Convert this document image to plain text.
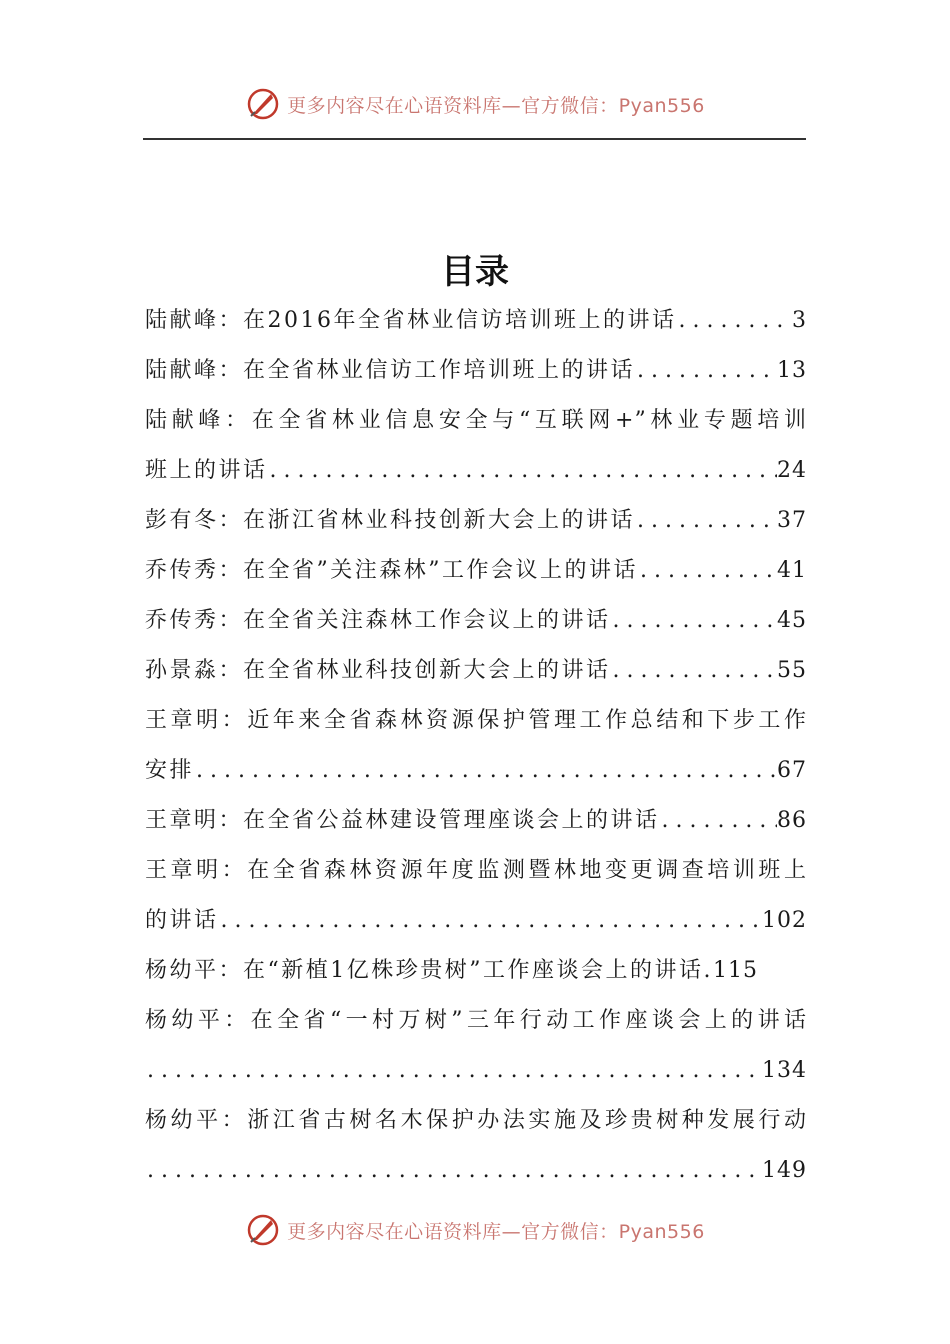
更多内容尽在心语资料库—官方微信：Pyan556
目录
陆献峰：在2016年全省林业信访培训班上的讲话 . . .	3
陆献峰：在全省林业信访工作培训班上的讲话 . . .	13
陆献峰：在全省林业信息安全与“互联网+”林业专题培训
班上的讲话 . . .	24
彭有冬：在浙江省林业科技创新大会上的讲话 . . .	37
乔传秀：在全省”关注森林”工作会议上的讲话 . . .	41
乔传秀：在全省关注森林工作会议上的讲话 . . .	45
孙景淼：在全省林业科技创新大会上的讲话 . . .	55
王章明：近年来全省森林资源保护管理工作总结和下步工作
安排 . . .	67
王章明：在全省公益林建设管理座谈会上的讲话 . . .	86
王章明：在全省森林资源年度监测暨林地变更调查培训班上
的讲话 . . .	102
杨幼平：在“新植1亿株珍贵树”工作座谈会上的讲话. 115
杨幼平：在全省“一村万树”三年行动工作座谈会上的讲话
. . .
134
杨幼平：浙江省古树名木保护办法实施及珍贵树种发展行动
. . .
149
更多内容尽在心语资料库—官方微信：Pyan556
